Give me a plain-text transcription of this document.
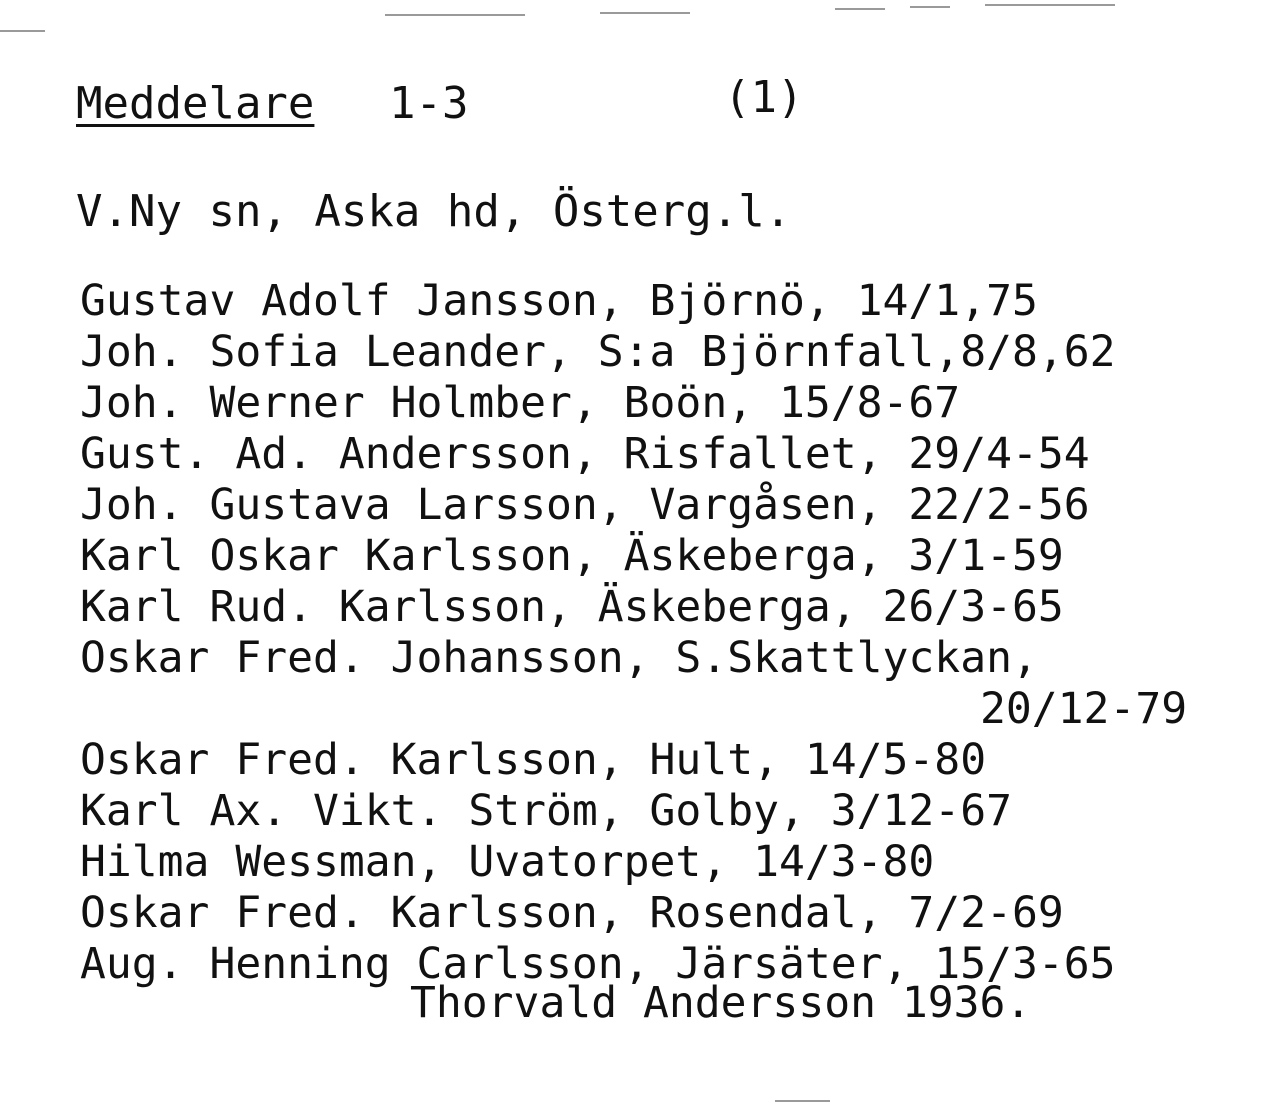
Meddelare 1-3	(1)
V.Ny sn, Aska hd, Österg.l.
Gustav Adolf Jansson, Björnö, 14/1,75
Joh. Sofia Leander, S:a Björnfall,8/8,62
Joh. Werner Holmber, Boön, 15/8-67
Gust. Ad. Andersson, Risfallet, 29/4-54
Joh. Gustava Larsson, Vargåsen, 22/2-56
Karl Oskar Karlsson, Äskeberga, 3/1-59
Karl Rud. Karlsson, Äskeberga, 26/3-65
Oskar Fred. Johansson, S.Skattlyckan,
20/12-79
Oskar Fred. Karlsson, Hult, 14/5-80
Karl Ax. Vikt. Ström, Golby, 3/12-67
Hilma Wessman, Uvatorpet, 14/3-80
Oskar Fred. Karlsson, Rosendal, 7/2-69
Aug. Henning Carlsson, Järsäter, 15/3-65
Thorvald Andersson 1936.
